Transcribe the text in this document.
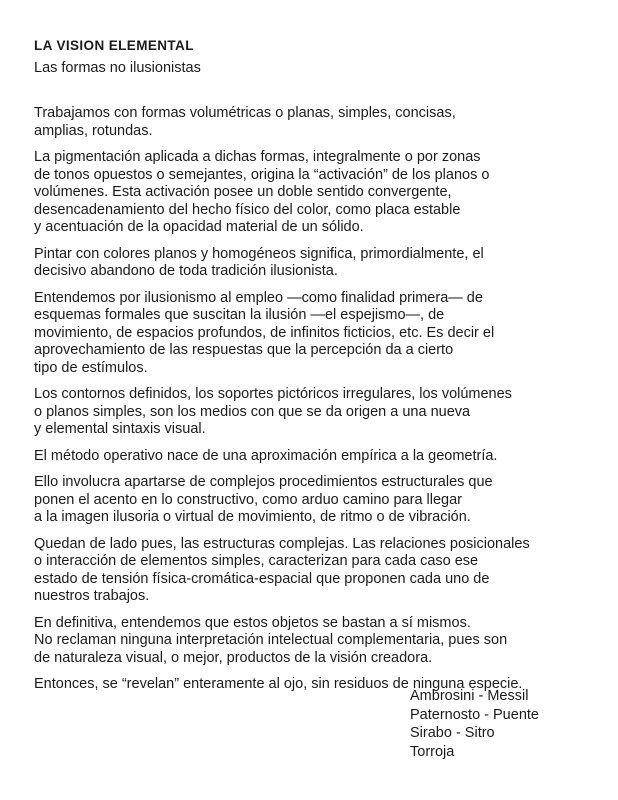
LA VISION ELEMENTAL
Las formas no ilusionistas
Trabajamos con formas volumétricas o planas, simples, concisas,
amplias, rotundas.
La pigmentación aplicada a dichas formas, integralmente o por zonas
de tonos opuestos o semejantes, origina la “activación” de los planos o
volúmenes. Esta activación posee un doble sentido convergente,
desencadenamiento del hecho físico del color, como placa estable
y acentuación de la opacidad material de un sólido.
Pintar con colores planos y homogéneos significa, primordialmente, el
decisivo abandono de toda tradición ilusionista.
Entendemos por ilusionismo al empleo —como finalidad primera— de
esquemas formales que suscitan la ilusión —el espejismo—, de
movimiento, de espacios profundos, de infinitos ficticios, etc. Es decir el
aprovechamiento de las respuestas que la percepción da a cierto
tipo de estímulos.
Los contornos definidos, los soportes pictóricos irregulares, los volúmenes
o planos simples, son los medios con que se da origen a una nueva
y elemental sintaxis visual.
El método operativo nace de una aproximación empírica a la geometría.
Ello involucra apartarse de complejos procedimientos estructurales que
ponen el acento en lo constructivo, como arduo camino para llegar
a la imagen ilusoria o virtual de movimiento, de ritmo o de vibración.
Quedan de lado pues, las estructuras complejas. Las relaciones posicionales
o interacción de elementos simples, caracterizan para cada caso ese
estado de tensión física-cromática-espacial que proponen cada uno de
nuestros trabajos.
En definitiva, entendemos que estos objetos se bastan a sí mismos.
No reclaman ninguna interpretación intelectual complementaria, pues son
de naturaleza visual, o mejor, productos de la visión creadora.
Entonces, se “revelan” enteramente al ojo, sin residuos de ninguna especie.
Ambrosini - Messil
Paternosto - Puente
Sirabo - Sitro
Torroja
